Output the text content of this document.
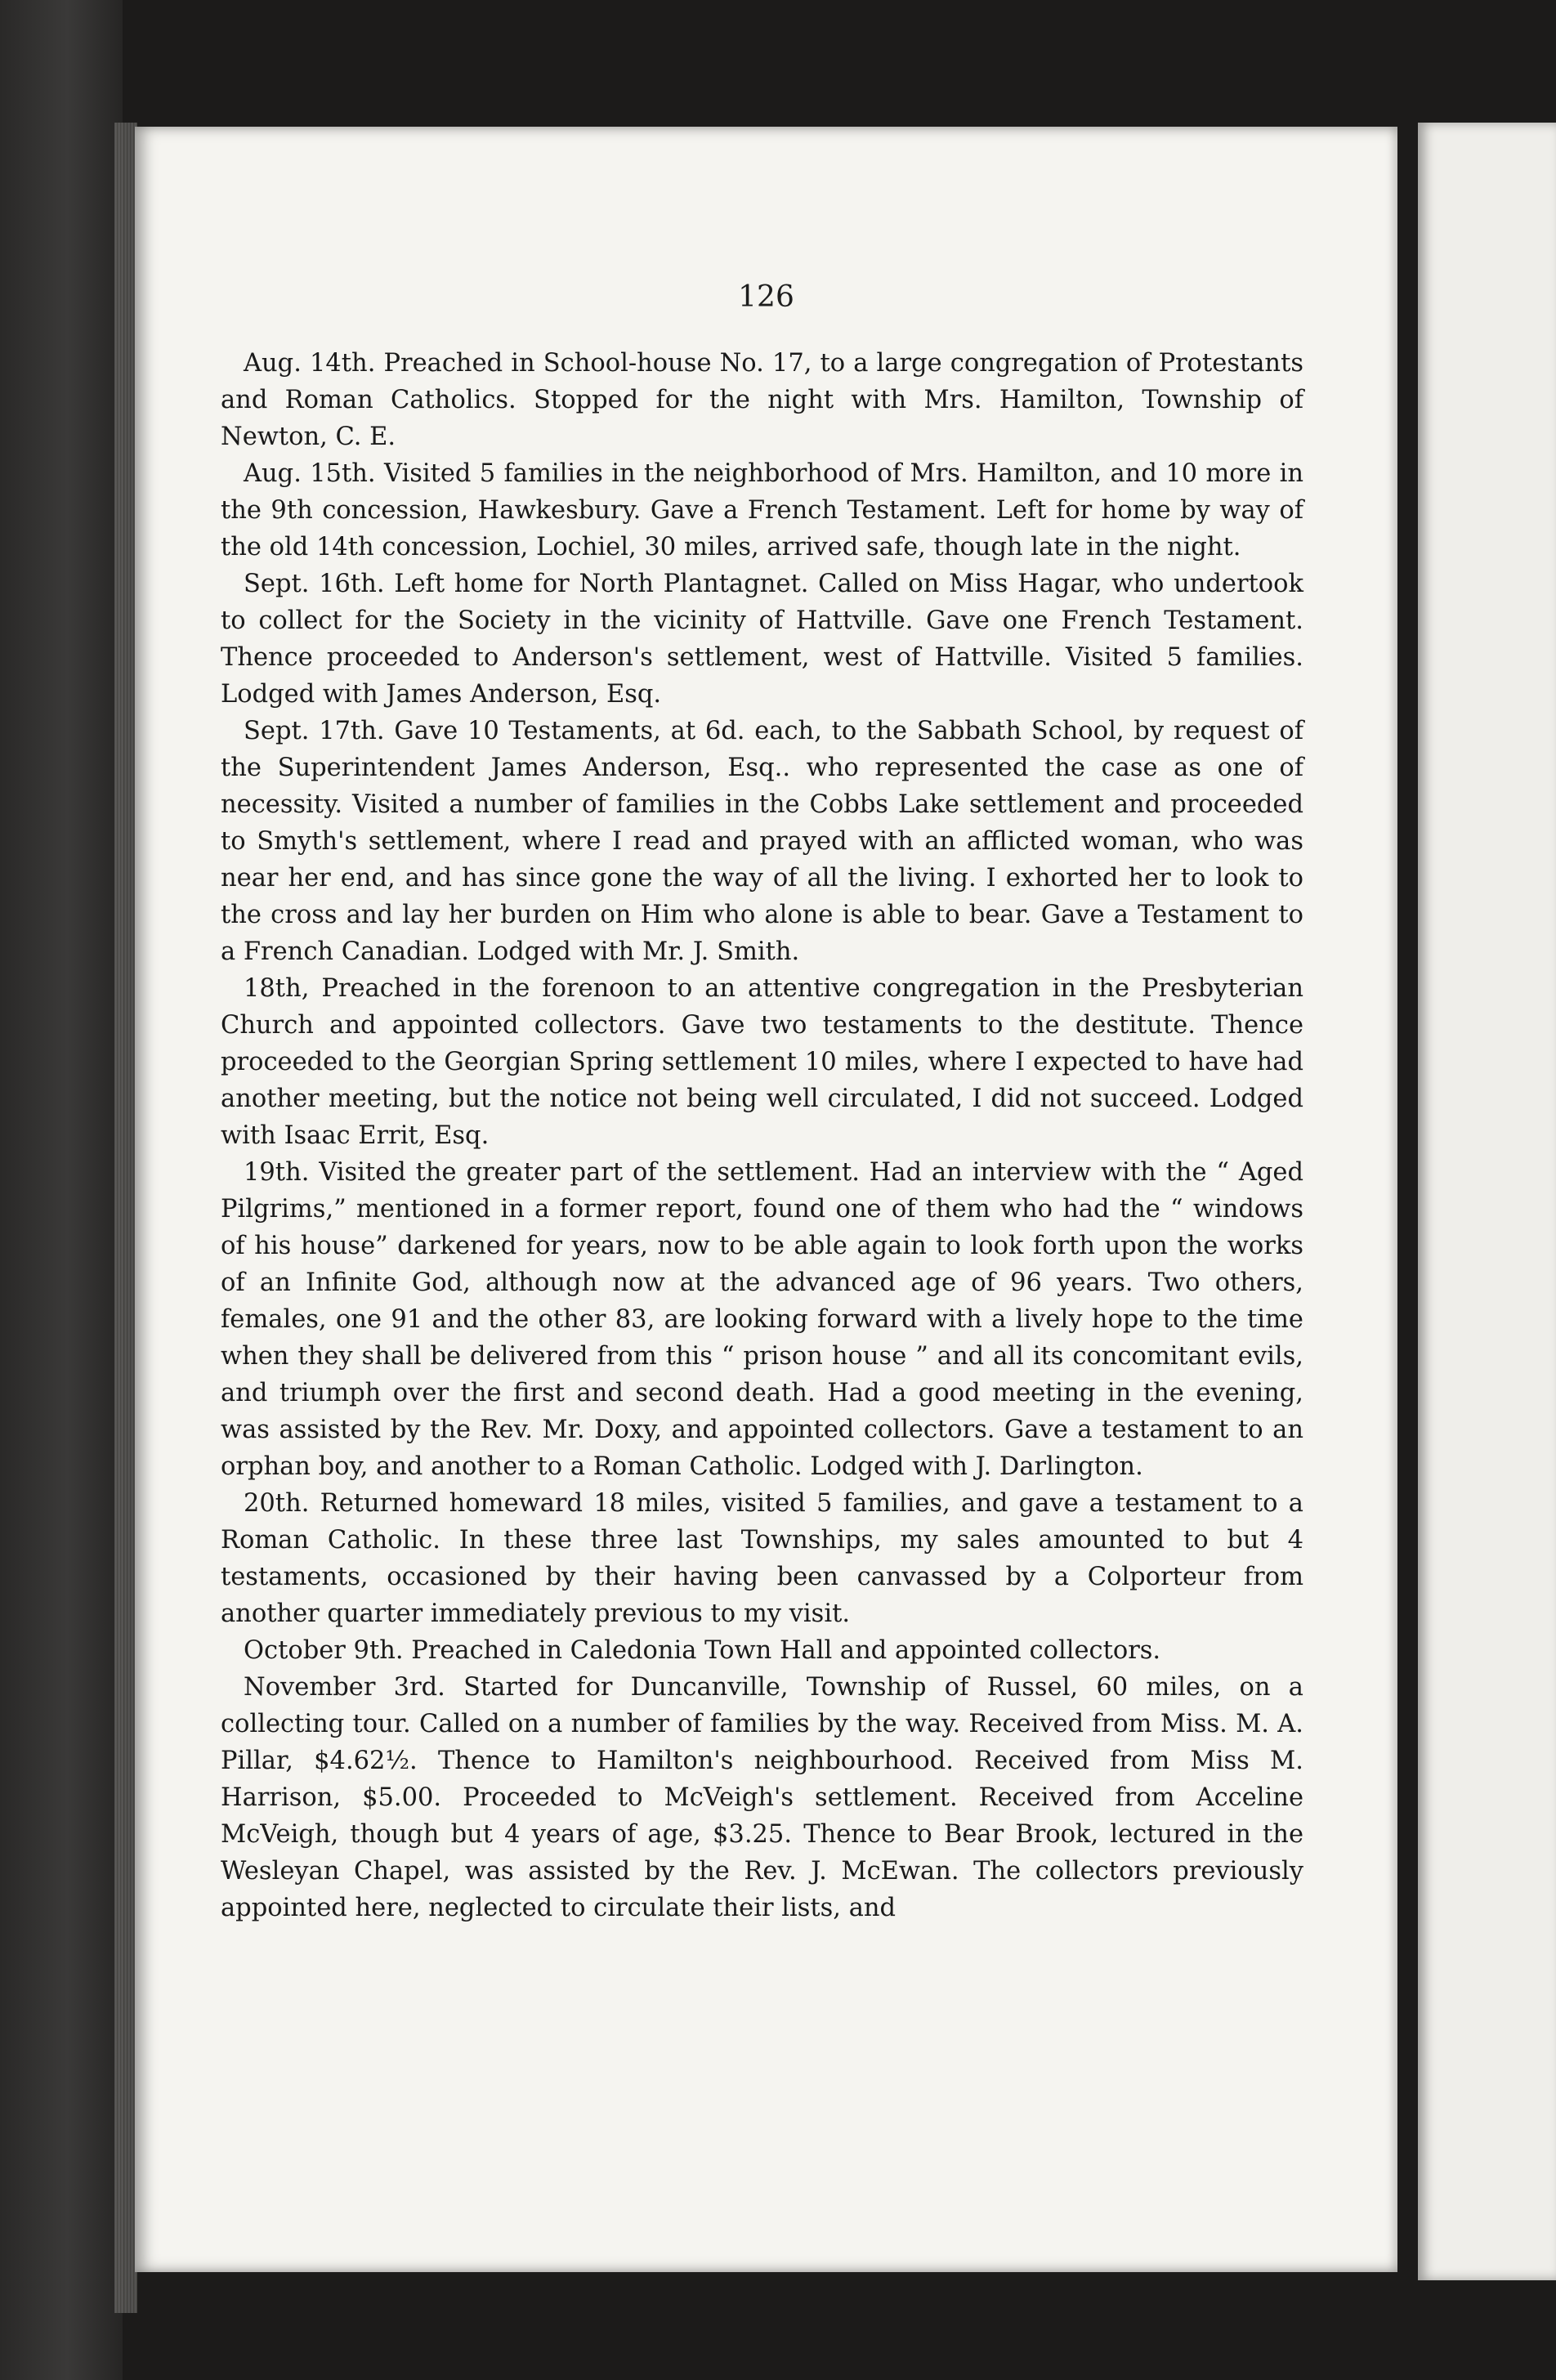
126

Aug. 14th. Preached in School-house No. 17, to a large congregation of Protestants and Roman Catholics. Stopped for the night with Mrs. Hamilton, Township of Newton, C. E.

Aug. 15th. Visited 5 families in the neighborhood of Mrs. Hamilton, and 10 more in the 9th concession, Hawkesbury. Gave a French Testament. Left for home by way of the old 14th concession, Lochiel, 30 miles, arrived safe, though late in the night.

Sept. 16th. Left home for North Plantagnet. Called on Miss Hagar, who undertook to collect for the Society in the vicinity of Hattville. Gave one French Testament. Thence proceeded to Anderson's settlement, west of Hattville. Visited 5 families. Lodged with James Anderson, Esq.

Sept. 17th. Gave 10 Testaments, at 6d. each, to the Sabbath School, by request of the Superintendent James Anderson, Esq.. who represented the case as one of necessity. Visited a number of families in the Cobbs Lake settlement and proceeded to Smyth's settlement, where I read and prayed with an afflicted woman, who was near her end, and has since gone the way of all the living. I exhorted her to look to the cross and lay her burden on Him who alone is able to bear. Gave a Testament to a French Canadian. Lodged with Mr. J. Smith.

18th, Preached in the forenoon to an attentive congregation in the Presbyterian Church and appointed collectors. Gave two testaments to the destitute. Thence proceeded to the Georgian Spring settlement 10 miles, where I expected to have had another meeting, but the notice not being well circulated, I did not succeed. Lodged with Isaac Errit, Esq.

19th. Visited the greater part of the settlement. Had an interview with the “ Aged Pilgrims,” mentioned in a former report, found one of them who had the “ windows of his house” darkened for years, now to be able again to look forth upon the works of an Infinite God, although now at the advanced age of 96 years. Two others, females, one 91 and the other 83, are looking forward with a lively hope to the time when they shall be delivered from this “ prison house ” and all its concomitant evils, and triumph over the first and second death. Had a good meeting in the evening, was assisted by the Rev. Mr. Doxy, and appointed collectors. Gave a testament to an orphan boy, and another to a Roman Catholic. Lodged with J. Darlington.

20th. Returned homeward 18 miles, visited 5 families, and gave a testament to a Roman Catholic. In these three last Townships, my sales amounted to but 4 testaments, occasioned by their having been canvassed by a Colporteur from another quarter immediately previous to my visit.

October 9th. Preached in Caledonia Town Hall and appointed collectors.

November 3rd. Started for Duncanville, Township of Russel, 60 miles, on a collecting tour. Called on a number of families by the way. Received from Miss. M. A. Pillar, $4.62½. Thence to Hamilton's neighbourhood. Received from Miss M. Harrison, $5.00. Proceeded to McVeigh's settlement. Received from Acceline McVeigh, though but 4 years of age, $3.25. Thence to Bear Brook, lectured in the Wesleyan Chapel, was assisted by the Rev. J. McEwan. The collectors previously appointed here, neglected to circulate their lists, and
